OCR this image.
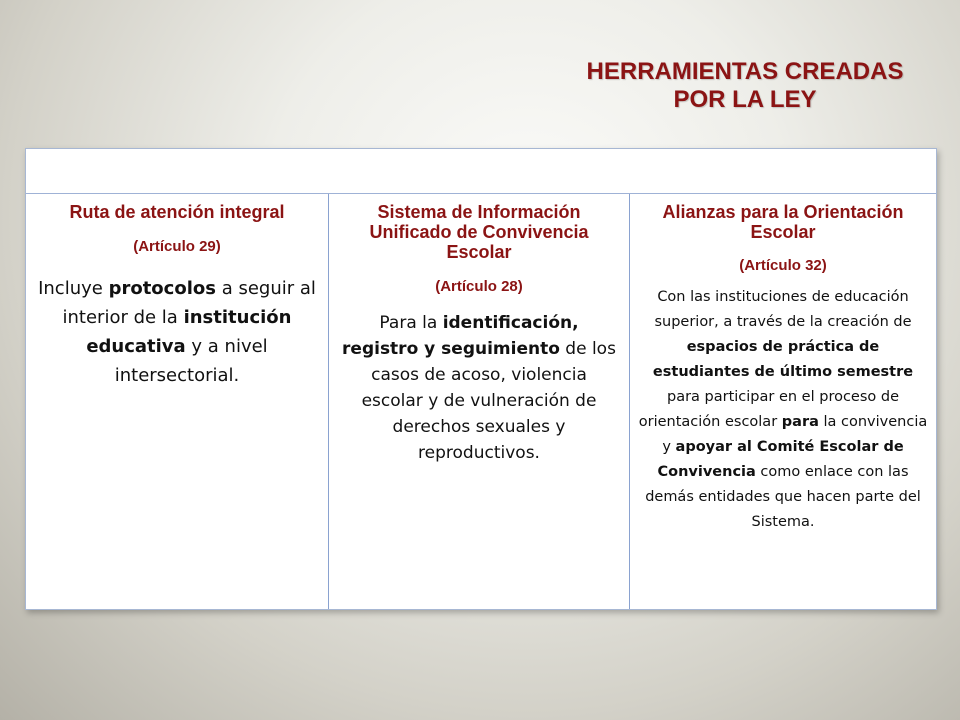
HERRAMIENTAS CREADAS
POR LA LEY

Ruta de atención integral

(Artículo 29)
Incluye protocolos a seguir al interior de la institución educativa y a nivel intersectorial.

Sistema de Información Unificado de Convivencia Escolar

(Artículo 28)
Para la identificación, registro y seguimiento de los casos de acoso, violencia escolar y de vulneración de derechos sexuales y reproductivos.

Alianzas para la Orientación Escolar

(Artículo 32)
Con las instituciones de educación superior, a través de la creación de espacios de práctica de estudiantes de último semestre para participar en el proceso de orientación escolar para la convivencia y apoyar al Comité Escolar de Convivencia como enlace con las demás entidades que hacen parte del Sistema.
